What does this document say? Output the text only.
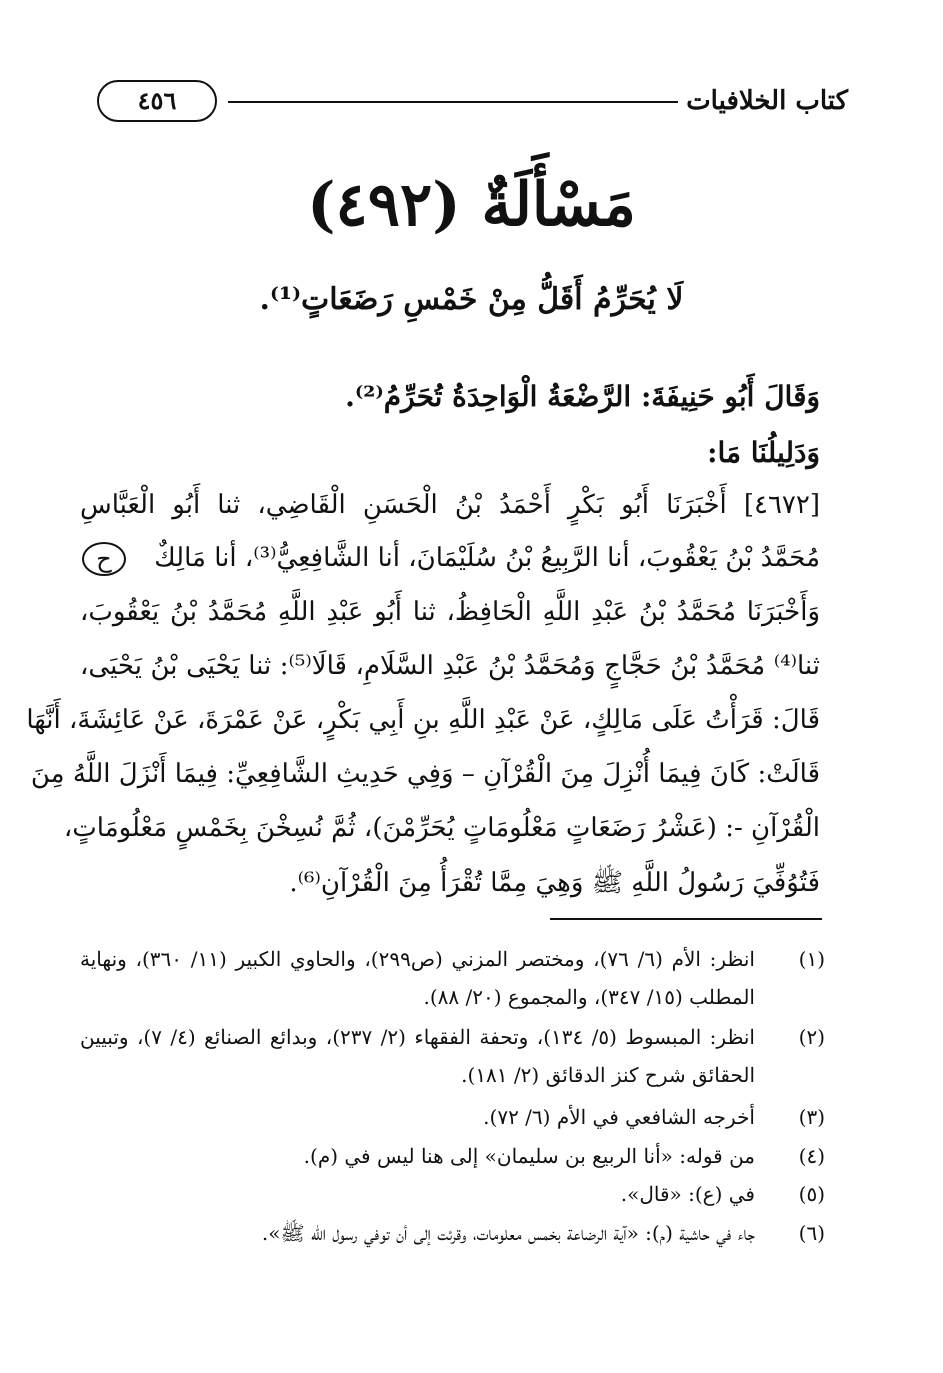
كتاب الخلافيات
٤٥٦
مَسْأَلَةٌ (٤٩٢)
لَا يُحَرِّمُ أَقَلُّ مِنْ خَمْسِ رَضَعَاتٍ⁽¹⁾.
وَقَالَ أَبُو حَنِيفَةَ: الرَّضْعَةُ الْوَاحِدَةُ تُحَرِّمُ⁽²⁾.
وَدَلِيلُنَا مَا:
[٤٦٧٢] أَخْبَرَنَا أَبُو بَكْرٍ أَحْمَدُ بْنُ الْحَسَنِ الْقَاضِي، ثنا أَبُو الْعَبَّاسِ
مُحَمَّدُ بْنُ يَعْقُوبَ، أنا الرَّبِيعُ بْنُ سُلَيْمَانَ، أنا الشَّافِعِيُّ⁽³⁾، أنا مَالِكٌ
ح
وَأَخْبَرَنَا مُحَمَّدُ بْنُ عَبْدِ اللَّهِ الْحَافِظُ، ثنا أَبُو عَبْدِ اللَّهِ مُحَمَّدُ بْنُ يَعْقُوبَ،
ثنا⁽⁴⁾ مُحَمَّدُ بْنُ حَجَّاجٍ وَمُحَمَّدُ بْنُ عَبْدِ السَّلَامِ، قَالَا⁽⁵⁾: ثنا يَحْيَى بْنُ يَحْيَى،
قَالَ: قَرَأْتُ عَلَى مَالِكٍ، عَنْ عَبْدِ اللَّهِ بنِ أَبِي بَكْرٍ، عَنْ عَمْرَةَ، عَنْ عَائِشَةَ، أَنَّهَا
قَالَتْ: كَانَ فِيمَا أُنْزِلَ مِنَ الْقُرْآنِ – وَفِي حَدِيثِ الشَّافِعِيِّ: فِيمَا أَنْزَلَ اللَّهُ مِنَ
الْقُرْآنِ -: (عَشْرُ رَضَعَاتٍ مَعْلُومَاتٍ يُحَرِّمْنَ)، ثُمَّ نُسِخْنَ بِخَمْسٍ مَعْلُومَاتٍ،
فَتُوُفِّيَ رَسُولُ اللَّهِ ﷺ وَهِيَ مِمَّا تُقْرَأُ مِنَ الْقُرْآنِ⁽⁶⁾.
(١)
انظر: الأم (٦/ ٧٦)، ومختصر المزني (ص٢٩٩)، والحاوي الكبير (١١/ ٣٦٠)، ونهاية المطلب (١٥/ ٣٤٧)، والمجموع (٢٠/ ٨٨).
(٢)
انظر: المبسوط (٥/ ١٣٤)، وتحفة الفقهاء (٢/ ٢٣٧)، وبدائع الصنائع (٤/ ٧)، وتبيين الحقائق شرح كنز الدقائق (٢/ ١٨١).
(٣)
أخرجه الشافعي في الأم (٦/ ٧٢).
(٤)
من قوله: «أنا الربيع بن سليمان» إلى هنا ليس في (م).
(٥)
في (ع): «قال».
(٦)
جاء في حاشية (م): «آية الرضاعة بخمس معلومات، وقرئت إلى أن توفي رسول الله ﷺ».
